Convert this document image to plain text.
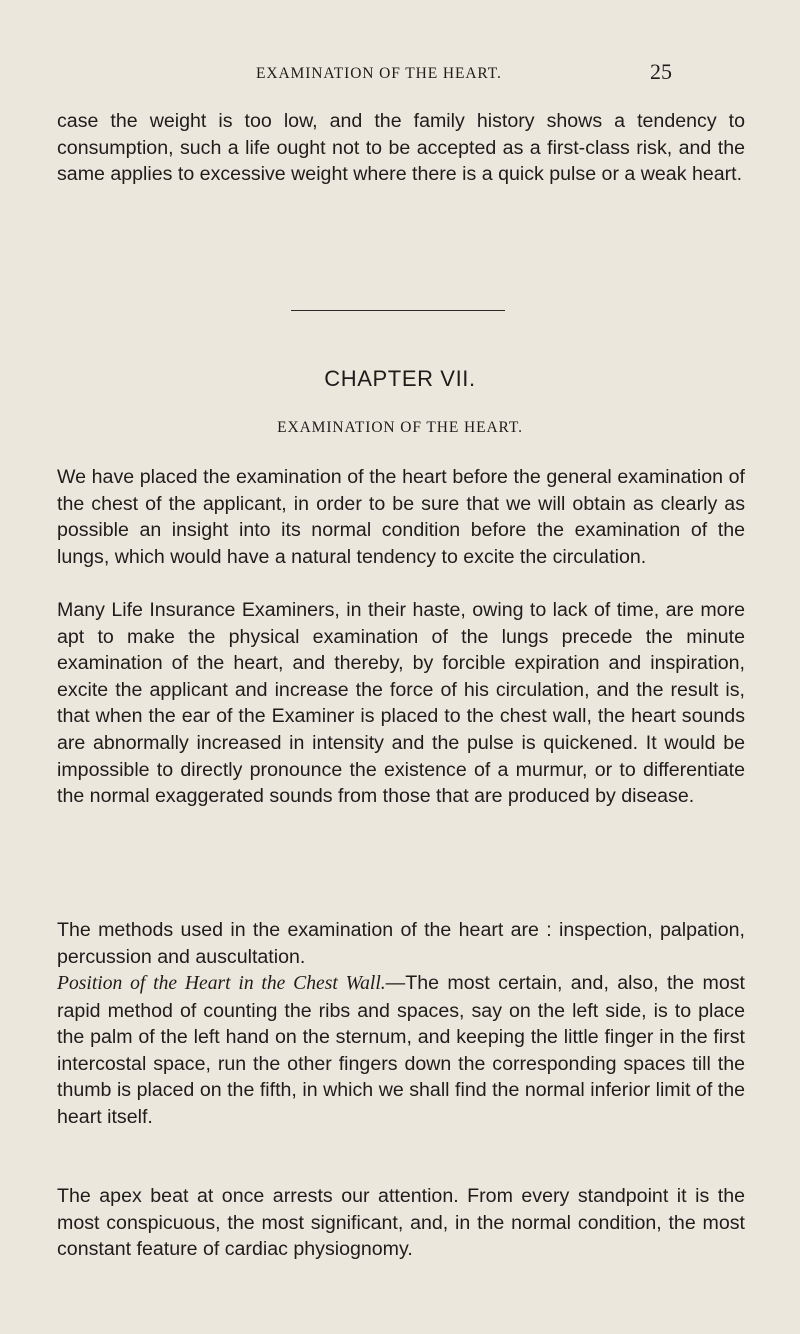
EXAMINATION OF THE HEART.	25

case the weight is too low, and the family history shows a tendency to consumption, such a life ought not to be accepted as a first-class risk, and the same applies to excessive weight where there is a quick pulse or a weak heart.

CHAPTER VII.
EXAMINATION OF THE HEART.

We have placed the examination of the heart before the general examination of the chest of the applicant, in order to be sure that we will obtain as clearly as possible an insight into its normal condition before the examination of the lungs, which would have a natural tendency to excite the circulation.

Many Life Insurance Examiners, in their haste, owing to lack of time, are more apt to make the physical examination of the lungs precede the minute examination of the heart, and thereby, by forcible expiration and inspiration, excite the applicant and increase the force of his circulation, and the result is, that when the ear of the Examiner is placed to the chest wall, the heart sounds are abnormally increased in intensity and the pulse is quickened. It would be impossible to directly pronounce the existence of a murmur, or to differentiate the normal exaggerated sounds from those that are produced by disease.

The methods used in the examination of the heart are : inspection, palpation, percussion and auscultation.

Position of the Heart in the Chest Wall.—The most certain, and, also, the most rapid method of counting the ribs and spaces, say on the left side, is to place the palm of the left hand on the sternum, and keeping the little finger in the first intercostal space, run the other fingers down the corresponding spaces till the thumb is placed on the fifth, in which we shall find the normal inferior limit of the heart itself.

The apex beat at once arrests our attention. From every standpoint it is the most conspicuous, the most significant, and, in the normal condition, the most constant feature of cardiac physiognomy.
